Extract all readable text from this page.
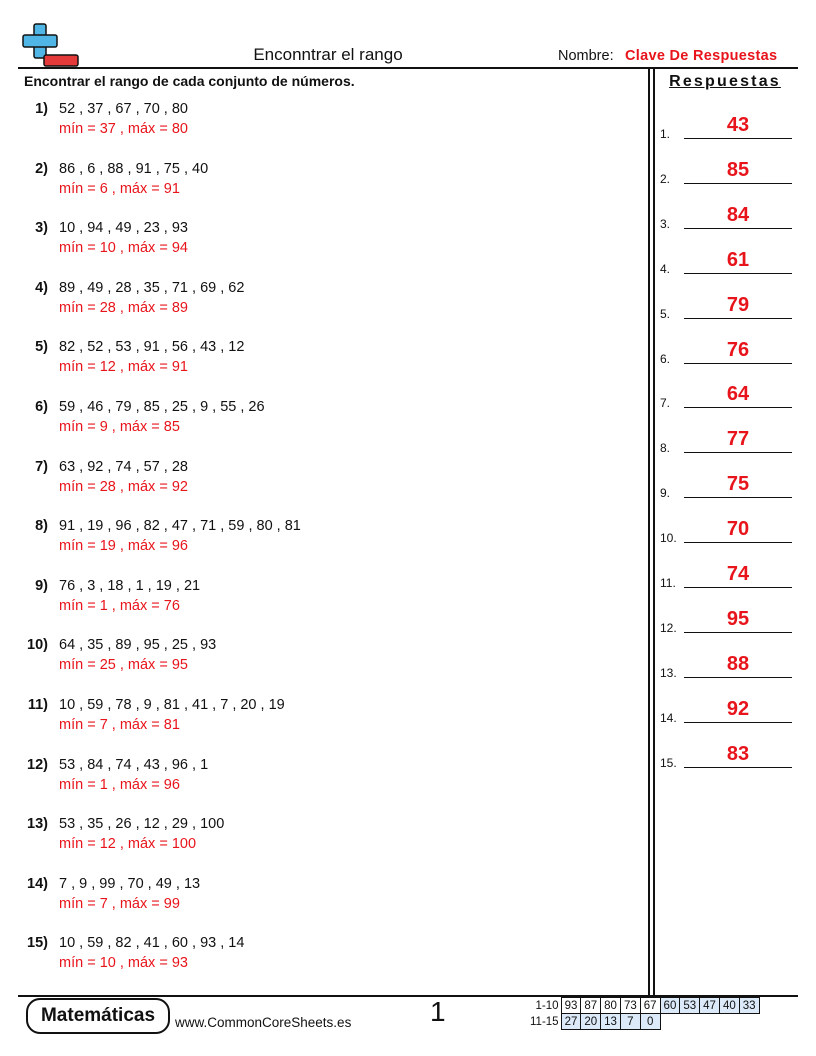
Enconntrar el rango	Nombre: Clave De Respuestas
Encontrar el rango de cada conjunto de números.	Respuestas
1) 52 , 37 , 67 , 70 , 80
mín = 37 , máx = 80
2) 86 , 6 , 88 , 91 , 75 , 40
mín = 6 , máx = 91
3) 10 , 94 , 49 , 23 , 93
mín = 10 , máx = 94
4) 89 , 49 , 28 , 35 , 71 , 69 , 62
mín = 28 , máx = 89
5) 82 , 52 , 53 , 91 , 56 , 43 , 12
mín = 12 , máx = 91
6) 59 , 46 , 79 , 85 , 25 , 9 , 55 , 26
mín = 9 , máx = 85
7) 63 , 92 , 74 , 57 , 28
mín = 28 , máx = 92
8) 91 , 19 , 96 , 82 , 47 , 71 , 59 , 80 , 81
mín = 19 , máx = 96
9) 76 , 3 , 18 , 1 , 19 , 21
mín = 1 , máx = 76
10) 64 , 35 , 89 , 95 , 25 , 93
mín = 25 , máx = 95
11) 10 , 59 , 78 , 9 , 81 , 41 , 7 , 20 , 19
mín = 7 , máx = 81
12) 53 , 84 , 74 , 43 , 96 , 1
mín = 1 , máx = 96
13) 53 , 35 , 26 , 12 , 29 , 100
mín = 12 , máx = 100
14) 7 , 9 , 99 , 70 , 49 , 13
mín = 7 , máx = 99
15) 10 , 59 , 82 , 41 , 60 , 93 , 14
mín = 10 , máx = 93
1.	43
2.	85
3.	84
4.	61
5.	79
6.	76
7.	64
8.	77
9.	75
10.	70
11.	74
12.	95
13.	88
14.	92
15.	83
Matemáticas	www.CommonCoreSheets.es	1	1-10	93	87	80	73	67	60	53	47	40	33
11-15	27	20	13	7	0					
